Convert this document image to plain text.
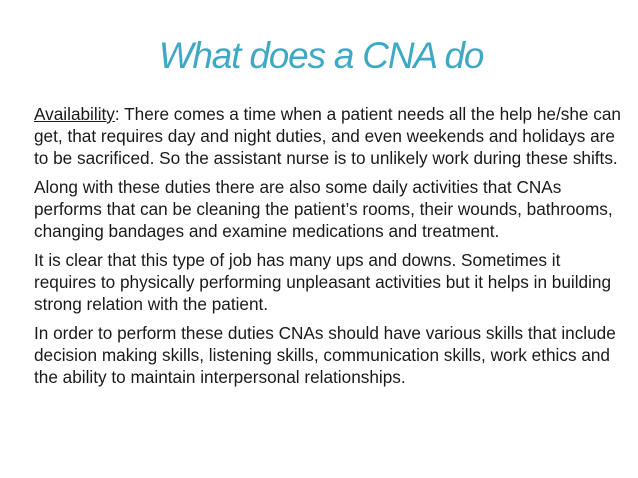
What does a CNA do

Availability: There comes a time when a patient needs all the help he/she can get, that requires day and night duties, and even weekends and holidays are to be sacrificed. So the assistant nurse is to unlikely work during these shifts.

Along with these duties there are also some daily activities that CNAs performs that can be cleaning the patient’s rooms, their wounds, bathrooms, changing bandages and examine medications and treatment.

It is clear that this type of job has many ups and downs. Sometimes it requires to physically performing unpleasant activities but it helps in building strong relation with the patient.

In order to perform these duties CNAs should have various skills that include decision making skills, listening skills, communication skills, work ethics and the ability to maintain interpersonal relationships.
